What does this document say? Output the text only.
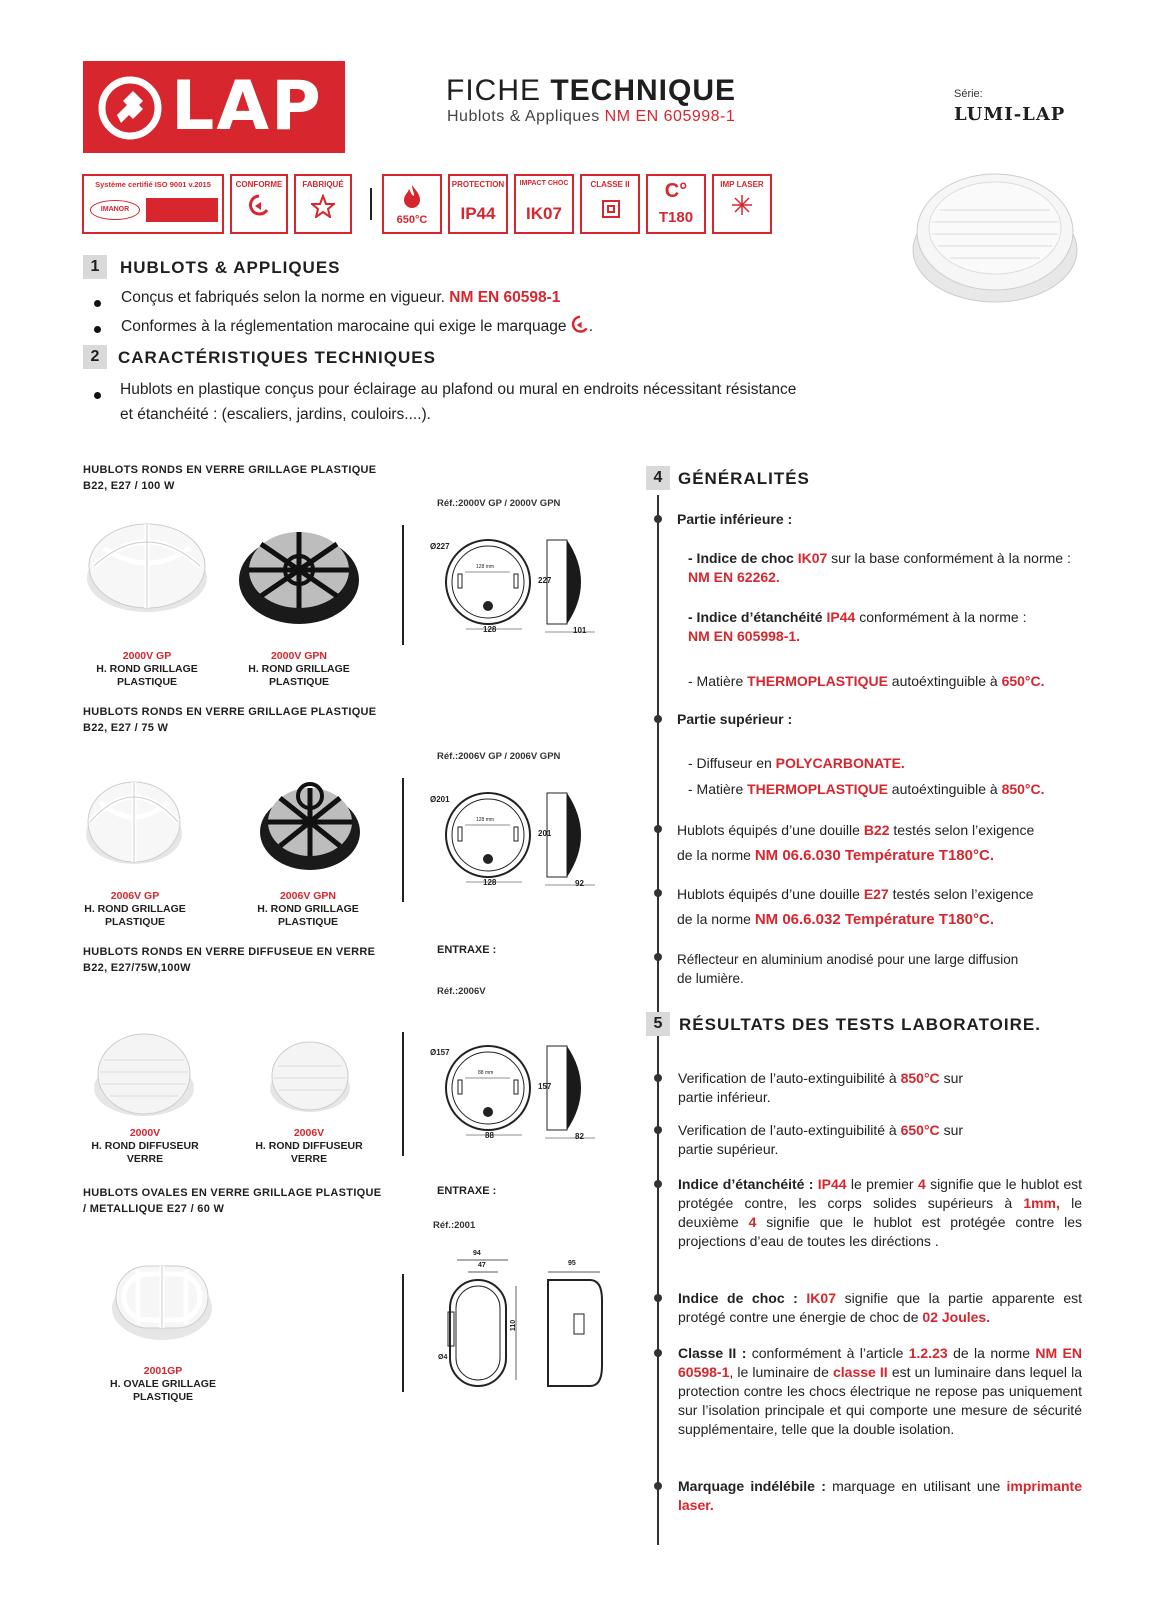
LAP	FICHE TECHNIQUE
Hublots & Appliques NM EN 605998-1
Série:
LUMI-LAP
Système certifié ISO 9001 v.2015
IMANOR
CONFORME	FABRIQUÉ
650°C
PROTECTION
IP44
IMPACT CHOC
IK07
CLASSE II	C°
T180
IMP LASER
1	HUBLOTS & APPLIQUES
Conçus et fabriqués selon la norme en vigueur. NM EN 60598-1
Conformes à la réglementation marocaine qui exige le marquage .
2	CARACTÉRISTIQUES TECHNIQUES
Hublots en plastique conçus pour éclairage au plafond ou mural en endroits nécessitant résistance
et étanchéité : (escaliers, jardins, couloirs....).
HUBLOTS RONDS EN VERRE GRILLAGE PLASTIQUE
B22, E27 / 100 W
Réf.:2000V GP / 2000V GPN
2000V GP
H. ROND GRILLAGE
PLASTIQUE
2000V GPN
H. ROND GRILLAGE
PLASTIQUE
Ø227
128 mm
128
227
101
HUBLOTS RONDS EN VERRE GRILLAGE PLASTIQUE
B22, E27 / 75 W
Réf.:2006V GP / 2006V GPN
2006V GP
H. ROND GRILLAGE
PLASTIQUE
2006V GPN
H. ROND GRILLAGE
PLASTIQUE
Ø201
128 mm
128
201
92
HUBLOTS RONDS EN VERRE DIFFUSEUE EN VERRE
B22, E27/75W,100W
ENTRAXE :
Réf.:2006V
2000V
H. ROND DIFFUSEUR
VERRE
2006V
H. ROND DIFFUSEUR
VERRE
Ø157
88 mm
88
157
82
HUBLOTS OVALES EN VERRE GRILLAGE PLASTIQUE
/ METALLIQUE E27 / 60 W
ENTRAXE :
Réf.:2001
2001GP
H. OVALE GRILLAGE
PLASTIQUE
94
47
110
Ø4
95
4 GÉNÉRALITÉS
Partie inférieure :
- Indice de choc IK07 sur la base conformément à la norme :
NM EN 62262.
- Indice d’étanchéité IP44 conformément à la norme :
NM EN 605998-1.
- Matière THERMOPLASTIQUE autoéxtinguible à 650°C.
Partie supérieur :
- Diffuseur en POLYCARBONATE.
- Matière THERMOPLASTIQUE autoéxtinguible à 850°C.
Hublots équipés d’une douille B22 testés selon l’exigence
de la norme NM 06.6.030 Température T180°C.
Hublots équipés d’une douille E27 testés selon l’exigence
de la norme NM 06.6.032 Température T180°C.
Réflecteur en aluminium anodisé pour une large diffusion
de lumière.
5 RÉSULTATS DES TESTS LABORATOIRE.
Verification de l’auto-extinguibilité à 850°C sur
partie inférieur.
Verification de l’auto-extinguibilité à 650°C sur
partie supérieur.
Indice d’étanchéité : IP44 le premier 4 signifie que le hublot est protégée contre, les corps solides supérieurs à 1mm, le deuxième 4 signifie que le hublot est protégée contre les projections d’eau de toutes les diréctions .
Indice de choc : IK07 signifie que la partie apparente est protégé contre une énergie de choc de 02 Joules.
Classe II : conformément à l’article 1.2.23 de la norme NM EN 60598-1, le luminaire de classe II est un luminaire dans lequel la protection contre les chocs électrique ne repose pas uniquement sur l’isolation principale et qui comporte une mesure de sécurité supplémentaire, telle que la double isolation.
Marquage indélébile : marquage en utilisant une imprimante laser.
